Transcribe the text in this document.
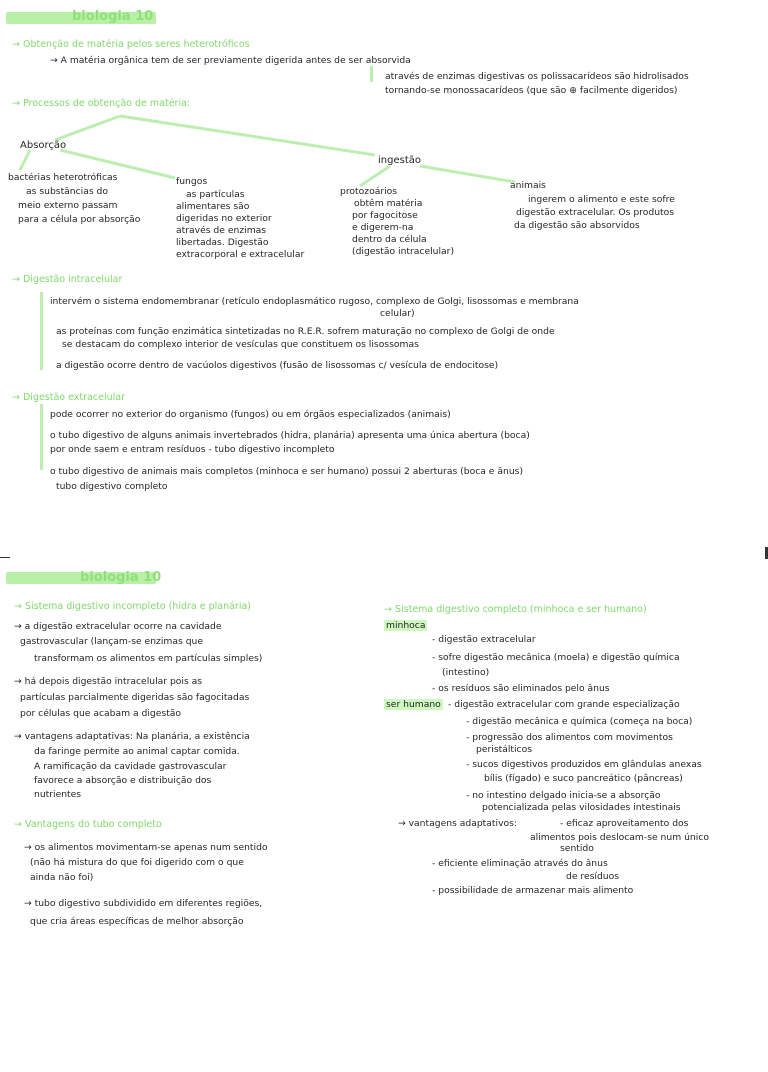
biologia 10
→ Obtenção de matéria pelos seres heterotróficos
→ A matéria orgânica tem de ser previamente digerida antes de ser absorvida
através de enzimas digestivas os polissacarídeos são hidrolisados
tornando-se monossacarídeos (que são ⊕ facilmente digeridos)
→ Processos de obtenção de matéria:
Absorção
ingestão
bactérias heterotróficas
as substâncias do
meio externo passam
para a célula por absorção
fungos
as partículas
alimentares são
digeridas no exterior
através de enzimas
libertadas. Digestão
extracorporal e extracelular
protozoários
obtêm matéria
por fagocitose
e digerem-na
dentro da célula
(digestão intracelular)
animais
ingerem o alimento e este sofre
digestão extracelular. Os produtos
da digestão são absorvidos
→ Digestão intracelular
intervém o sistema endomembranar (retículo endoplasmático rugoso, complexo de Golgi, lisossomas e membrana
celular)
as proteínas com função enzimática sintetizadas no R.E.R. sofrem maturação no complexo de Golgi de onde
se destacam do complexo interior de vesículas que constituem os lisossomas
a digestão ocorre dentro de vacúolos digestivos (fusão de lisossomas c/ vesícula de endocitose)
→ Digestão extracelular
pode ocorrer no exterior do organismo (fungos) ou em órgãos especializados (animais)
o tubo digestivo de alguns animais invertebrados (hidra, planária) apresenta uma única abertura (boca)
por onde saem e entram resíduos - tubo digestivo incompleto
o tubo digestivo de animais mais completos (minhoca e ser humano) possui 2 aberturas (boca e ânus)
tubo digestivo completo
biologia 10
→ Sistema digestivo incompleto (hidra e planária)
→ a digestão extracelular ocorre na cavidade
gastrovascular (lançam-se enzimas que
transformam os alimentos em partículas simples)
→ há depois digestão intracelular pois as
partículas parcialmente digeridas são fagocitadas
por células que acabam a digestão
→ vantagens adaptativas: Na planária, a existência
da faringe permite ao animal captar comida.
A ramificação da cavidade gastrovascular
favorece a absorção e distribuição dos
nutrientes
→ Vantagens do tubo completo
→ os alimentos movimentam-se apenas num sentido
(não há mistura do que foi digerido com o que
ainda não foi)
→ tubo digestivo subdividido em diferentes regiões,
que cria áreas específicas de melhor absorção
→ Sistema digestivo completo (minhoca e ser humano)
minhoca
- digestão extracelular
- sofre digestão mecânica (moela) e digestão química
(intestino)
- os resíduos são eliminados pelo ânus
ser humano - digestão extracelular com grande especialização
- digestão mecânica e química (começa na boca)
- progressão dos alimentos com movimentos
peristálticos
- sucos digestivos produzidos em glândulas anexas
bílis (fígado) e suco pancreático (pâncreas)
- no intestino delgado inicia-se a absorção
potencializada pelas vilosidades intestinais
→ vantagens adaptativos:	- eficaz aproveitamento dos
alimentos pois deslocam-se num único
sentido
- eficiente eliminação através do ânus
de resíduos
- possibilidade de armazenar mais alimento
